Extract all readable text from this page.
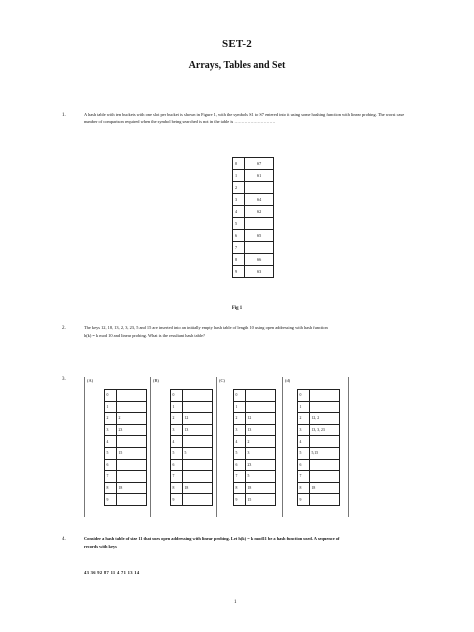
SET-2
Arrays, Tables and Set
1.	A hash table with ten buckets with one slot per bucket is shown in Figure 1, with the symbols S1 to S7 entered into it using some hashing function with linear probing. The worst case number of comparison required when the symbol being searched is not in the table is ……………………….
0	S7
1	S1
2	
3	S4
4	S2
5	
6	S5
7	
8	S6
9	S3
Fig 1
2.	The keys 12, 18, 13, 2, 3, 23, 5 and 15 are inserted into an initially empty hash table of length 10 using open addressing with hash function
h(k) = k mod 10 and linear probing. What is the resultant hash table?
3.	(A)	(B)	(C)	(d)
0	
1	
2	2
3	23
4	
5	15
6	
7	
8	18
9	
0	
1	
2	12
3	13
4	
5	5
6	
7	
8	18
9	
0	
1	
2	12
3	13
4	2
5	3
6	23
7	5
8	18
9	15
0	
1	
2	12, 2
3	13, 3, 23
4	
5	5,15
6	
7	
8	18
9	
4.	Consider a hash table of size 11 that uses open addressing with linear probing. Let h(k) = k mod11 be a hash function used. A sequence of
records with keys
43 36 92 87 11 4 71 13 14
1
